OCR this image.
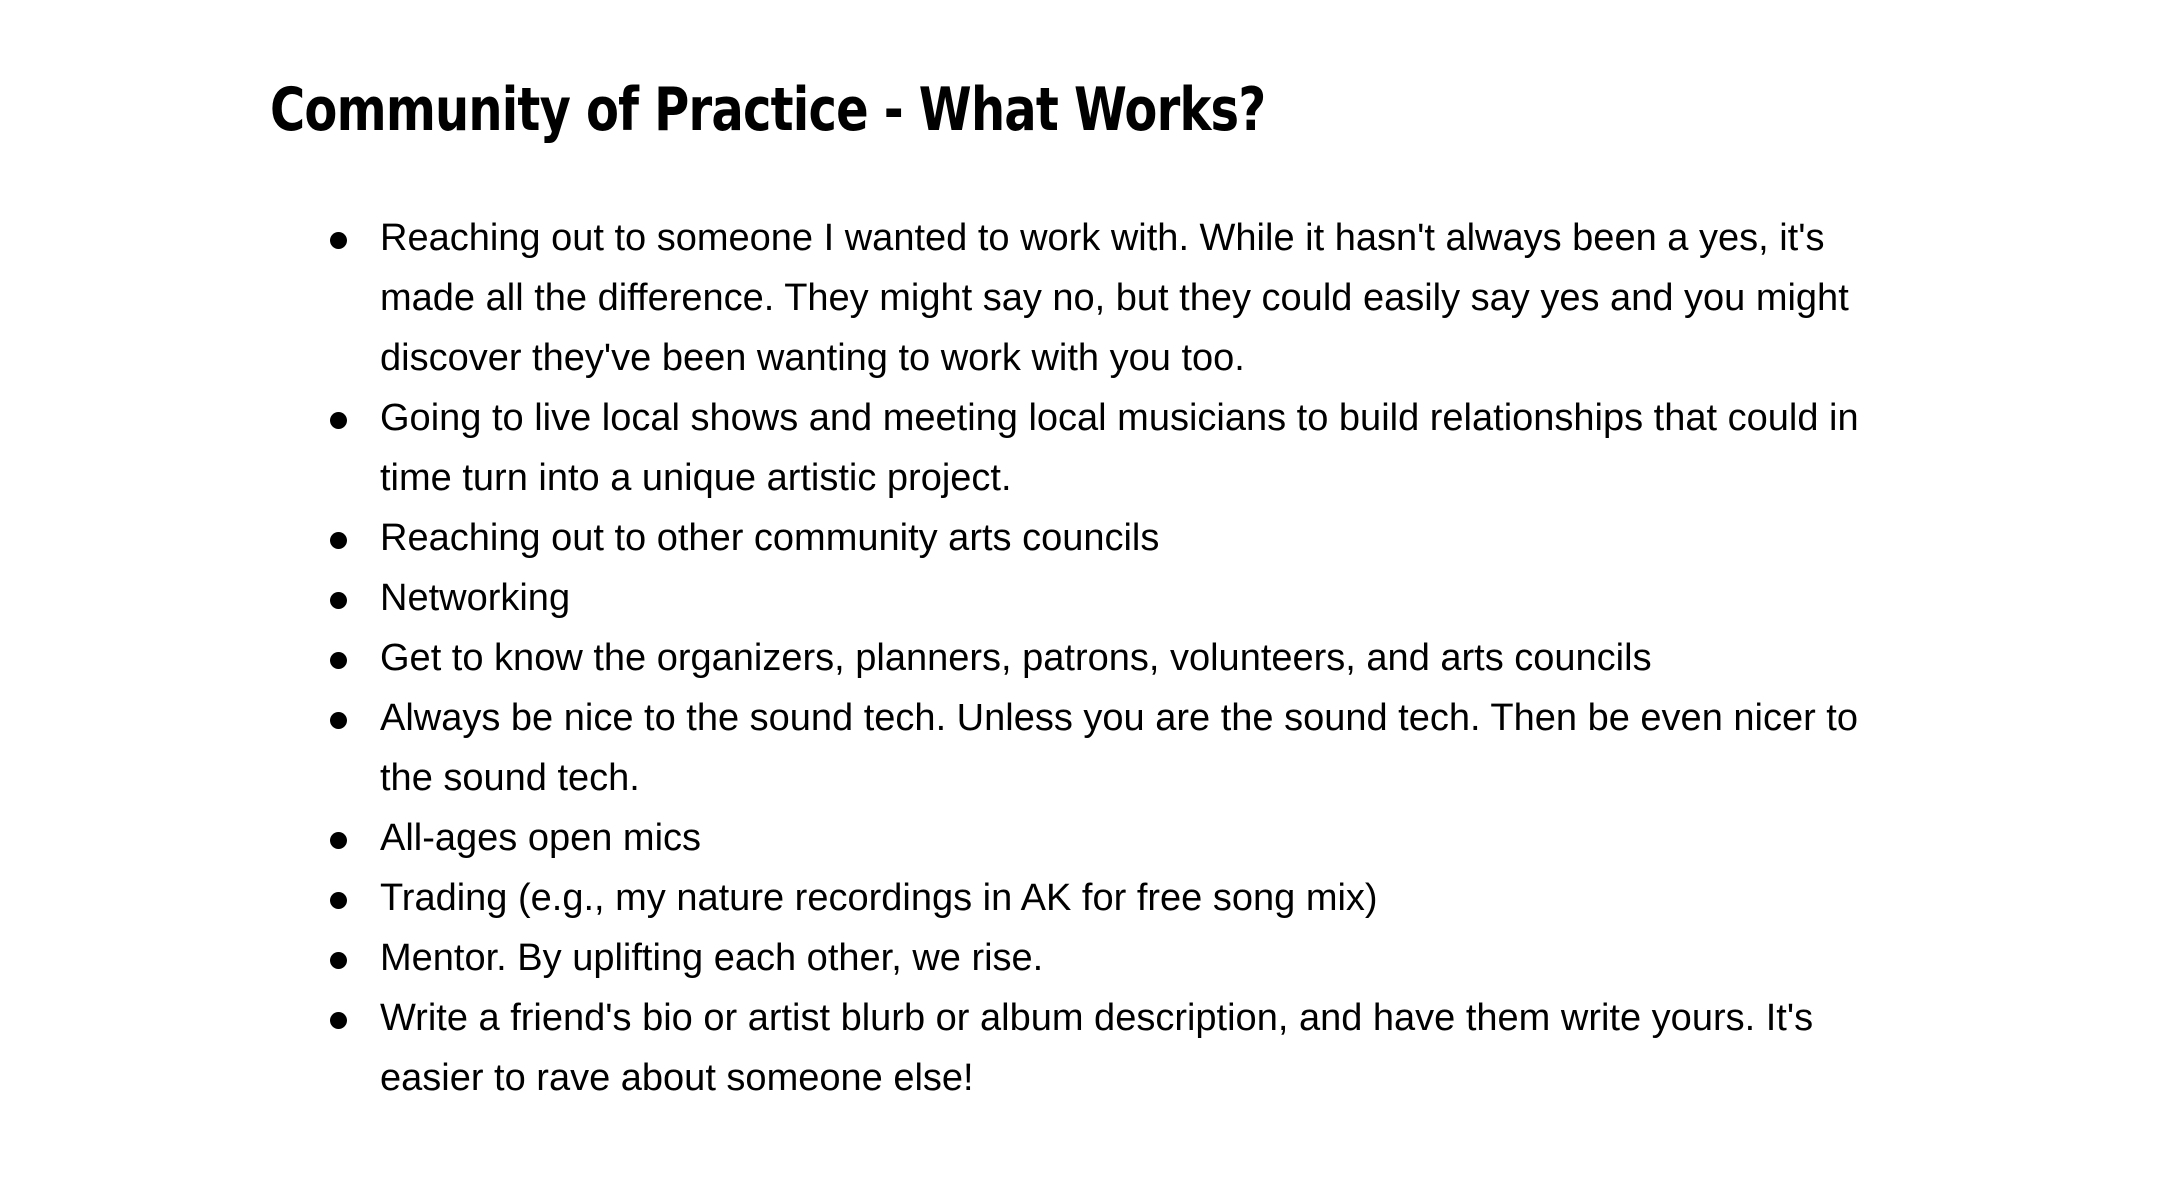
Community of Practice - What Works?
Reaching out to someone I wanted to work with. While it hasn't always been a yes, it's made all the difference. They might say no, but they could easily say yes and you might discover they've been wanting to work with you too.
Going to live local shows and meeting local musicians to build relationships that could in time turn into a unique artistic project.
Reaching out to other community arts councils
Networking
Get to know the organizers, planners, patrons, volunteers, and arts councils
Always be nice to the sound tech. Unless you are the sound tech. Then be even nicer to the sound tech.
All-ages open mics
Trading (e.g., my nature recordings in AK for free song mix)
Mentor. By uplifting each other, we rise.
Write a friend's bio or artist blurb or album description, and have them write yours. It's easier to rave about someone else!
